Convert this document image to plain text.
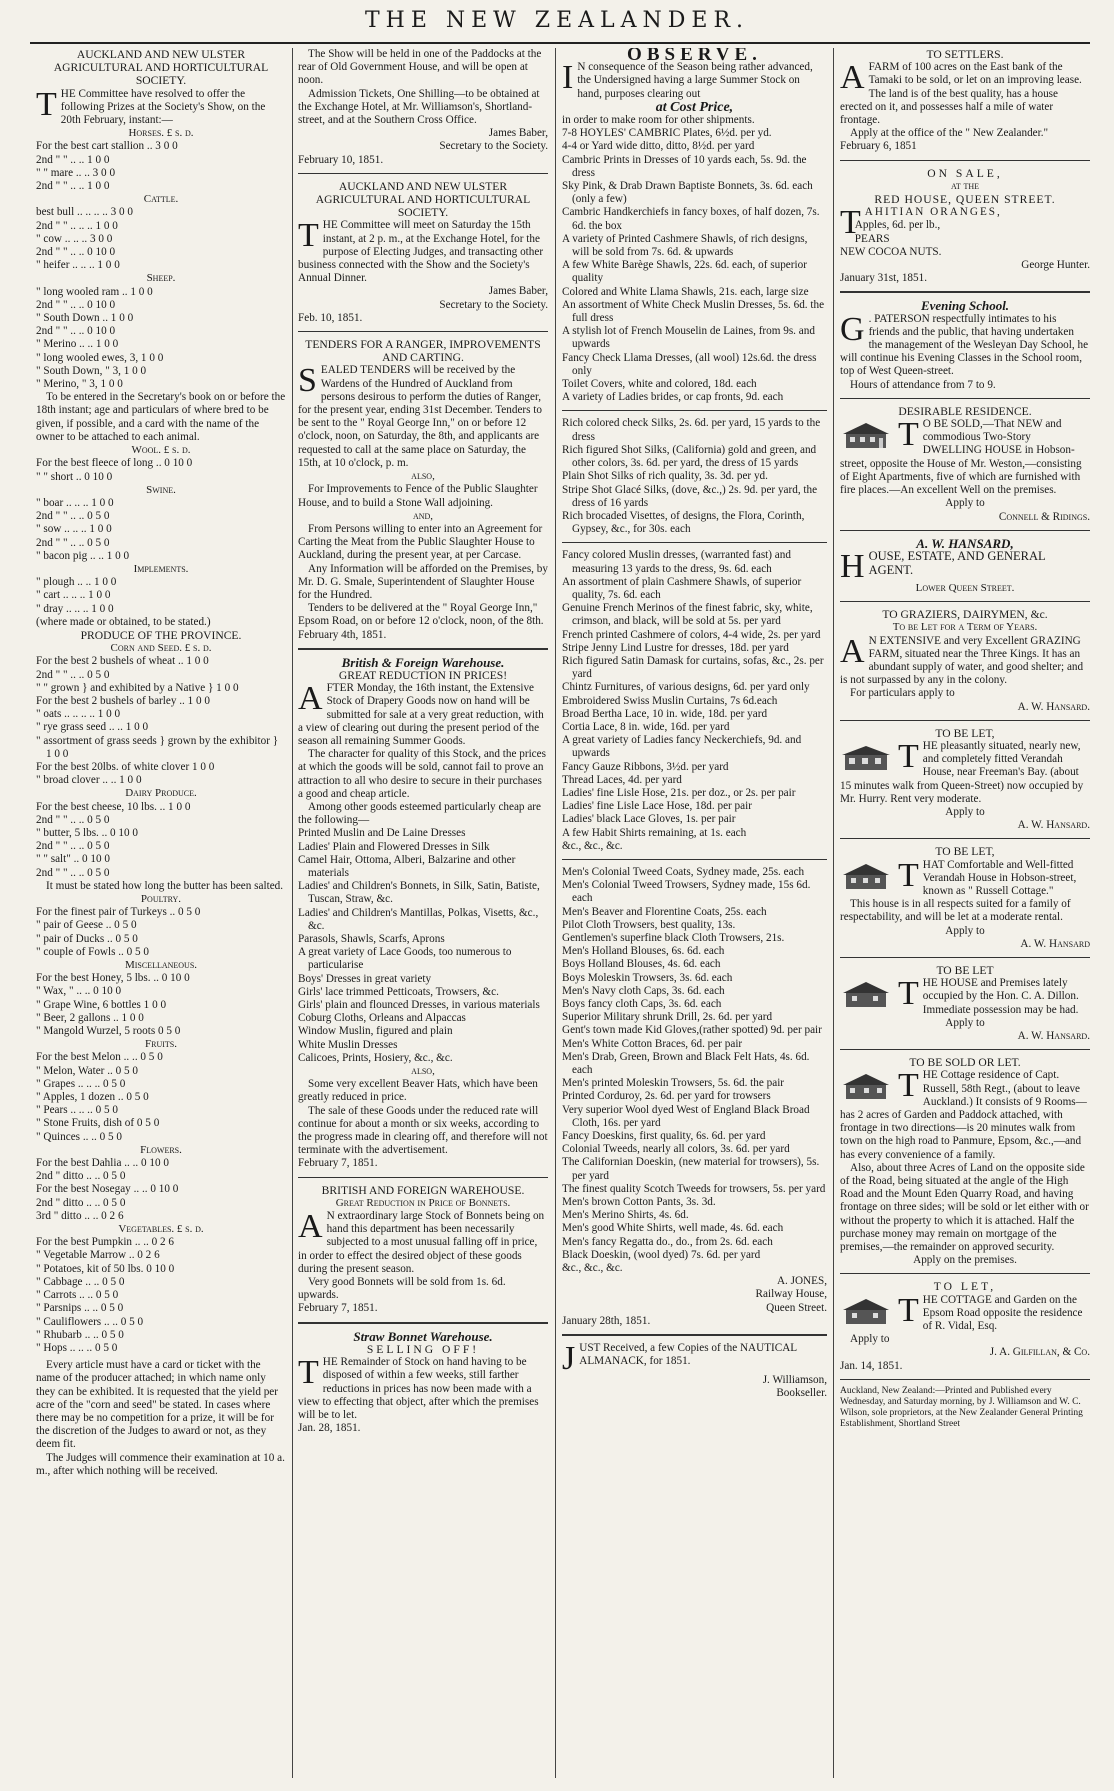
THE NEW ZEALANDER.

AUCKLAND AND NEW ULSTER AGRICULTURAL AND HORTICULTURAL SOCIETY.

THE Committee have resolved to offer the following Prizes at the Society's Show, on the 20th February, instant:—

Horses. £ s. d.

For the best cart stallion .. 3 0 0

2nd " " .. .. 1 0 0

" " mare .. .. 3 0 0

2nd " " .. .. 1 0 0

Cattle.

best bull .. .. .. .. 3 0 0

2nd " " .. .. .. 1 0 0

" cow .. .. .. 3 0 0

2nd " " .. .. 0 10 0

" heifer .. .. .. 1 0 0

Sheep.

" long wooled ram .. 1 0 0

2nd " " .. .. 0 10 0

" South Down .. 1 0 0

2nd " " .. .. 0 10 0

" Merino .. .. 1 0 0

" long wooled ewes, 3, 1 0 0

" South Down, " 3, 1 0 0

" Merino, " 3, 1 0 0

To be entered in the Secretary's book on or before the 18th instant; age and particulars of where bred to be given, if possible, and a card with the name of the owner to be attached to each animal.

Wool. £ s. d.

For the best fleece of long .. 0 10 0

" " short .. 0 10 0

Swine.

" boar .. .. .. 1 0 0

2nd " " .. .. 0 5 0

" sow .. .. .. 1 0 0

2nd " " .. .. 0 5 0

" bacon pig .. .. 1 0 0

Implements.

" plough .. .. 1 0 0

" cart .. .. .. 1 0 0

" dray .. .. .. 1 0 0

(where made or obtained, to be stated.)

PRODUCE OF THE PROVINCE.

Corn and Seed. £ s. d.

For the best 2 bushels of wheat .. 1 0 0

2nd " " .. .. 0 5 0

" " grown } and exhibited by a Native } 1 0 0

For the best 2 bushels of barley .. 1 0 0

" oats .. .. .. .. 1 0 0

" rye grass seed .. .. 1 0 0

" assortment of grass seeds } grown by the exhibitor } 1 0 0

For the best 20lbs. of white clover 1 0 0

" broad clover .. .. 1 0 0

Dairy Produce.

For the best cheese, 10 lbs. .. 1 0 0

2nd " " .. .. 0 5 0

" butter, 5 lbs. .. 0 10 0

2nd " " .. .. 0 5 0

" " salt" .. 0 10 0

2nd " " .. .. 0 5 0

It must be stated how long the butter has been salted.

Poultry.

For the finest pair of Turkeys .. 0 5 0

" pair of Geese .. 0 5 0

" pair of Ducks .. 0 5 0

" couple of Fowls .. 0 5 0

Miscellaneous.

For the best Honey, 5 lbs. .. 0 10 0

" Wax, " .. .. 0 10 0

" Grape Wine, 6 bottles 1 0 0

" Beer, 2 gallons .. 1 0 0

" Mangold Wurzel, 5 roots 0 5 0

Fruits.

For the best Melon .. .. 0 5 0

" Melon, Water .. 0 5 0

" Grapes .. .. .. 0 5 0

" Apples, 1 dozen .. 0 5 0

" Pears .. .. .. 0 5 0

" Stone Fruits, dish of 0 5 0

" Quinces .. .. 0 5 0

Flowers.

For the best Dahlia .. .. 0 10 0

2nd " ditto .. .. 0 5 0

For the best Nosegay .. .. 0 10 0

2nd " ditto .. .. 0 5 0

3rd " ditto .. .. 0 2 6

Vegetables. £ s. d.

For the best Pumpkin .. .. 0 2 6

" Vegetable Marrow .. 0 2 6

" Potatoes, kit of 50 lbs. 0 10 0

" Cabbage .. .. 0 5 0

" Carrots .. .. 0 5 0

" Parsnips .. .. 0 5 0

" Cauliflowers .. .. 0 5 0

" Rhubarb .. .. 0 5 0

" Hops .. .. .. 0 5 0

Every article must have a card or ticket with the name of the producer attached; in which name only they can be exhibited. It is requested that the yield per acre of the "corn and seed" be stated. In cases where there may be no competition for a prize, it will be for the discretion of the Judges to award or not, as they deem fit.

The Judges will commence their examination at 10 a. m., after which nothing will be received.

The Show will be held in one of the Paddocks at the rear of Old Government House, and will be open at noon.

Admission Tickets, One Shilling—to be obtained at the Exchange Hotel, at Mr. Williamson's, Shortland-street, and at the Southern Cross Office.

James Baber,

Secretary to the Society.

February 10, 1851.

AUCKLAND AND NEW ULSTER AGRICULTURAL AND HORTICULTURAL SOCIETY.

THE Committee will meet on Saturday the 15th instant, at 2 p. m., at the Exchange Hotel, for the purpose of Electing Judges, and transacting other business connected with the Show and the Society's Annual Dinner.

James Baber,

Secretary to the Society.

Feb. 10, 1851.

TENDERS FOR A RANGER, IMPROVEMENTS AND CARTING.

SEALED TENDERS will be received by the Wardens of the Hundred of Auckland from persons desirous to perform the duties of Ranger, for the present year, ending 31st December. Tenders to be sent to the " Royal George Inn," on or before 12 o'clock, noon, on Saturday, the 8th, and applicants are requested to call at the same place on Saturday, the 15th, at 10 o'clock, p. m.

also,

For Improvements to Fence of the Public Slaughter House, and to build a Stone Wall adjoining.

and,

From Persons willing to enter into an Agreement for Carting the Meat from the Public Slaughter House to Auckland, during the present year, at per Carcase.

Any Information will be afforded on the Premises, by Mr. D. G. Smale, Superintendent of Slaughter House for the Hundred.

Tenders to be delivered at the " Royal George Inn," Epsom Road, on or before 12 o'clock, noon, of the 8th.

February 4th, 1851.

British & Foreign Warehouse.

GREAT REDUCTION IN PRICES!

AFTER Monday, the 16th instant, the Extensive Stock of Drapery Goods now on hand will be submitted for sale at a very great reduction, with a view of clearing out during the present period of the season all remaining Summer Goods.

The character for quality of this Stock, and the prices at which the goods will be sold, cannot fail to prove an attraction to all who desire to secure in their purchases a good and cheap article.

Among other goods esteemed particularly cheap are the following—

Printed Muslin and De Laine Dresses

Ladies' Plain and Flowered Dresses in Silk

Camel Hair, Ottoma, Alberi, Balzarine and other materials

Ladies' and Children's Bonnets, in Silk, Satin, Batiste, Tuscan, Straw, &c.

Ladies' and Children's Mantillas, Polkas, Visetts, &c., &c.

Parasols, Shawls, Scarfs, Aprons

A great variety of Lace Goods, too numerous to particularise

Boys' Dresses in great variety

Girls' lace trimmed Petticoats, Trowsers, &c.

Girls' plain and flounced Dresses, in various materials

Coburg Cloths, Orleans and Alpaccas

Window Muslin, figured and plain

White Muslin Dresses

Calicoes, Prints, Hosiery, &c., &c.

also,

Some very excellent Beaver Hats, which have been greatly reduced in price.

The sale of these Goods under the reduced rate will continue for about a month or six weeks, according to the progress made in clearing off, and therefore will not terminate with the advertisement.

February 7, 1851.

BRITISH AND FOREIGN WAREHOUSE.

Great Reduction in Price of Bonnets.

A N extraordinary large Stock of Bonnets being on hand this department has been necessarily subjected to a most unusual falling off in price, in order to effect the desired object of these goods during the present season.

Very good Bonnets will be sold from 1s. 6d. upwards.

February 7, 1851.

Straw Bonnet Warehouse.

SELLING OFF!

THE Remainder of Stock on hand having to be disposed of within a few weeks, still farther reductions in prices has now been made with a view to effecting that object, after which the premises will be to let.

Jan. 28, 1851.

OBSERVE.

I N consequence of the Season being rather advanced, the Undersigned having a large Summer Stock on hand, purposes clearing out

at Cost Price,

in order to make room for other shipments.

7-8 HOYLES' CAMBRIC Plates, 6½d. per yd.

4-4 or Yard wide ditto, ditto, 8½d. per yard

Cambric Prints in Dresses of 10 yards each, 5s. 9d. the dress

Sky Pink, & Drab Drawn Baptiste Bonnets, 3s. 6d. each (only a few)

Cambric Handkerchiefs in fancy boxes, of half dozen, 7s. 6d. the box

A variety of Printed Cashmere Shawls, of rich designs, will be sold from 7s. 6d. & upwards

A few White Barège Shawls, 22s. 6d. each, of superior quality

Colored and White Llama Shawls, 21s. each, large size

An assortment of White Check Muslin Dresses, 5s. 6d. the full dress

A stylish lot of French Mouselin de Laines, from 9s. and upwards

Fancy Check Llama Dresses, (all wool) 12s.6d. the dress only

Toilet Covers, white and colored, 18d. each

A variety of Ladies brides, or cap fronts, 9d. each

Rich colored check Silks, 2s. 6d. per yard, 15 yards to the dress

Rich figured Shot Silks, (California) gold and green, and other colors, 3s. 6d. per yard, the dress of 15 yards

Plain Shot Silks of rich quality, 3s. 3d. per yd.

Stripe Shot Glacé Silks, (dove, &c.,) 2s. 9d. per yard, the dress of 16 yards

Rich brocaded Visettes, of designs, the Flora, Corinth, Gypsey, &c., for 30s. each

Fancy colored Muslin dresses, (warranted fast) and measuring 13 yards to the dress, 9s. 6d. each

An assortment of plain Cashmere Shawls, of superior quality, 7s. 6d. each

Genuine French Merinos of the finest fabric, sky, white, crimson, and black, will be sold at 5s. per yard

French printed Cashmere of colors, 4-4 wide, 2s. per yard

Stripe Jenny Lind Lustre for dresses, 18d. per yard

Rich figured Satin Damask for curtains, sofas, &c., 2s. per yard

Chintz Furnitures, of various designs, 6d. per yard only

Embroidered Swiss Muslin Curtains, 7s 6d.each

Broad Bertha Lace, 10 in. wide, 18d. per yard

Cortia Lace, 8 in. wide, 16d. per yard

A great variety of Ladies fancy Neckerchiefs, 9d. and upwards

Fancy Gauze Ribbons, 3½d. per yard

Thread Laces, 4d. per yard

Ladies' fine Lisle Hose, 21s. per doz., or 2s. per pair

Ladies' fine Lisle Lace Hose, 18d. per pair

Ladies' black Lace Gloves, 1s. per pair

A few Habit Shirts remaining, at 1s. each

&c., &c., &c.

Men's Colonial Tweed Coats, Sydney made, 25s. each

Men's Colonial Tweed Trowsers, Sydney made, 15s 6d. each

Men's Beaver and Florentine Coats, 25s. each

Pilot Cloth Trowsers, best quality, 13s.

Gentlemen's superfine black Cloth Trowsers, 21s.

Men's Holland Blouses, 6s. 6d. each

Boys Holland Blouses, 4s. 6d. each

Boys Moleskin Trowsers, 3s. 6d. each

Men's Navy cloth Caps, 3s. 6d. each

Boys fancy cloth Caps, 3s. 6d. each

Superior Military shrunk Drill, 2s. 6d. per yard

Gent's town made Kid Gloves,(rather spotted) 9d. per pair

Men's White Cotton Braces, 6d. per pair

Men's Drab, Green, Brown and Black Felt Hats, 4s. 6d. each

Men's printed Moleskin Trowsers, 5s. 6d. the pair

Printed Corduroy, 2s. 6d. per yard for trowsers

Very superior Wool dyed West of England Black Broad Cloth, 16s. per yard

Fancy Doeskins, first quality, 6s. 6d. per yard

Colonial Tweeds, nearly all colors, 3s. 6d. per yard

The Californian Doeskin, (new material for trowsers), 5s. per yard

The finest quality Scotch Tweeds for trowsers, 5s. per yard

Men's brown Cotton Pants, 3s. 3d.

Men's Merino Shirts, 4s. 6d.

Men's good White Shirts, well made, 4s. 6d. each

Men's fancy Regatta do., do., from 2s. 6d. each

Black Doeskin, (wool dyed) 7s. 6d. per yard

&c., &c., &c.

A. JONES,

Railway House,

Queen Street.

January 28th, 1851.

JUST Received, a few Copies of the NAUTICAL ALMANACK, for 1851.

J. Williamson,

Bookseller.

TO SETTLERS.

AFARM of 100 acres on the East bank of the Tamaki to be sold, or let on an improving lease. The land is of the best quality, has a house erected on it, and possesses half a mile of water frontage.

Apply at the office of the " New Zealander."

February 6, 1851

ON SALE,

at the

RED HOUSE, QUEEN STREET.

TAHITIAN ORANGES,

Apples, 6d. per lb.,

PEARS

NEW COCOA NUTS.

George Hunter.

January 31st, 1851.

Evening School.

G . PATERSON respectfully intimates to his friends and the public, that having undertaken the management of the Wesleyan Day School, he will continue his Evening Classes in the School room, top of West Queen-street.

Hours of attendance from 7 to 9.

DESIRABLE RESIDENCE.

T O BE SOLD,—That NEW and commodious Two-Story DWELLING HOUSE in Hobson-street, opposite the House of Mr. Weston,—consisting of Eight Apartments, five of which are furnished with fire places.—An excellent Well on the premises.

Apply to

Connell & Ridings.

A. W. HANSARD,

HOUSE, ESTATE, AND GENERAL AGENT.

Lower Queen Street.

TO GRAZIERS, DAIRYMEN, &c.

To be Let for a Term of Years.

A N EXTENSIVE and very Excellent GRAZING FARM, situated near the Three Kings. It has an abundant supply of water, and good shelter; and is not surpassed by any in the colony.

For particulars apply to

A. W. Hansard.

TO BE LET,

THE pleasantly situated, nearly new, and completely fitted Verandah House, near Freeman's Bay. (about 15 minutes walk from Queen-Street) now occupied by Mr. Hurry. Rent very moderate.

Apply to

A. W. Hansard.

TO BE LET,

THAT Comfortable and Well-fitted Verandah House in Hobson-street, known as " Russell Cottage."

This house is in all respects suited for a family of respectability, and will be let at a moderate rental.

Apply to

A. W. Hansard

TO BE LET

THE HOUSE and Premises lately occupied by the Hon. C. A. Dillon. Immediate possession may be had.

Apply to

A. W. Hansard.

TO BE SOLD OR LET.

THE Cottage residence of Capt. Russell, 58th Regt., (about to leave Auckland.) It consists of 9 Rooms—has 2 acres of Garden and Paddock attached, with frontage in two directions—is 20 minutes walk from town on the high road to Panmure, Epsom, &c.,—and has every convenience of a family.

Also, about three Acres of Land on the opposite side of the Road, being situated at the angle of the High Road and the Mount Eden Quarry Road, and having frontage on three sides; will be sold or let either with or without the property to which it is attached. Half the purchase money may remain on mortgage of the premises,—the remainder on approved security.

Apply on the premises.

TO LET,

THE COTTAGE and Garden on the Epsom Road opposite the residence of R. Vidal, Esq.

Apply to

J. A. Gilfillan, & Co.

Jan. 14, 1851.

Auckland, New Zealand:—Printed and Published every Wednesday, and Saturday morning, by J. Williamson and W. C. Wilson, sole proprietors, at the New Zealander General Printing Establishment, Shortland Street
